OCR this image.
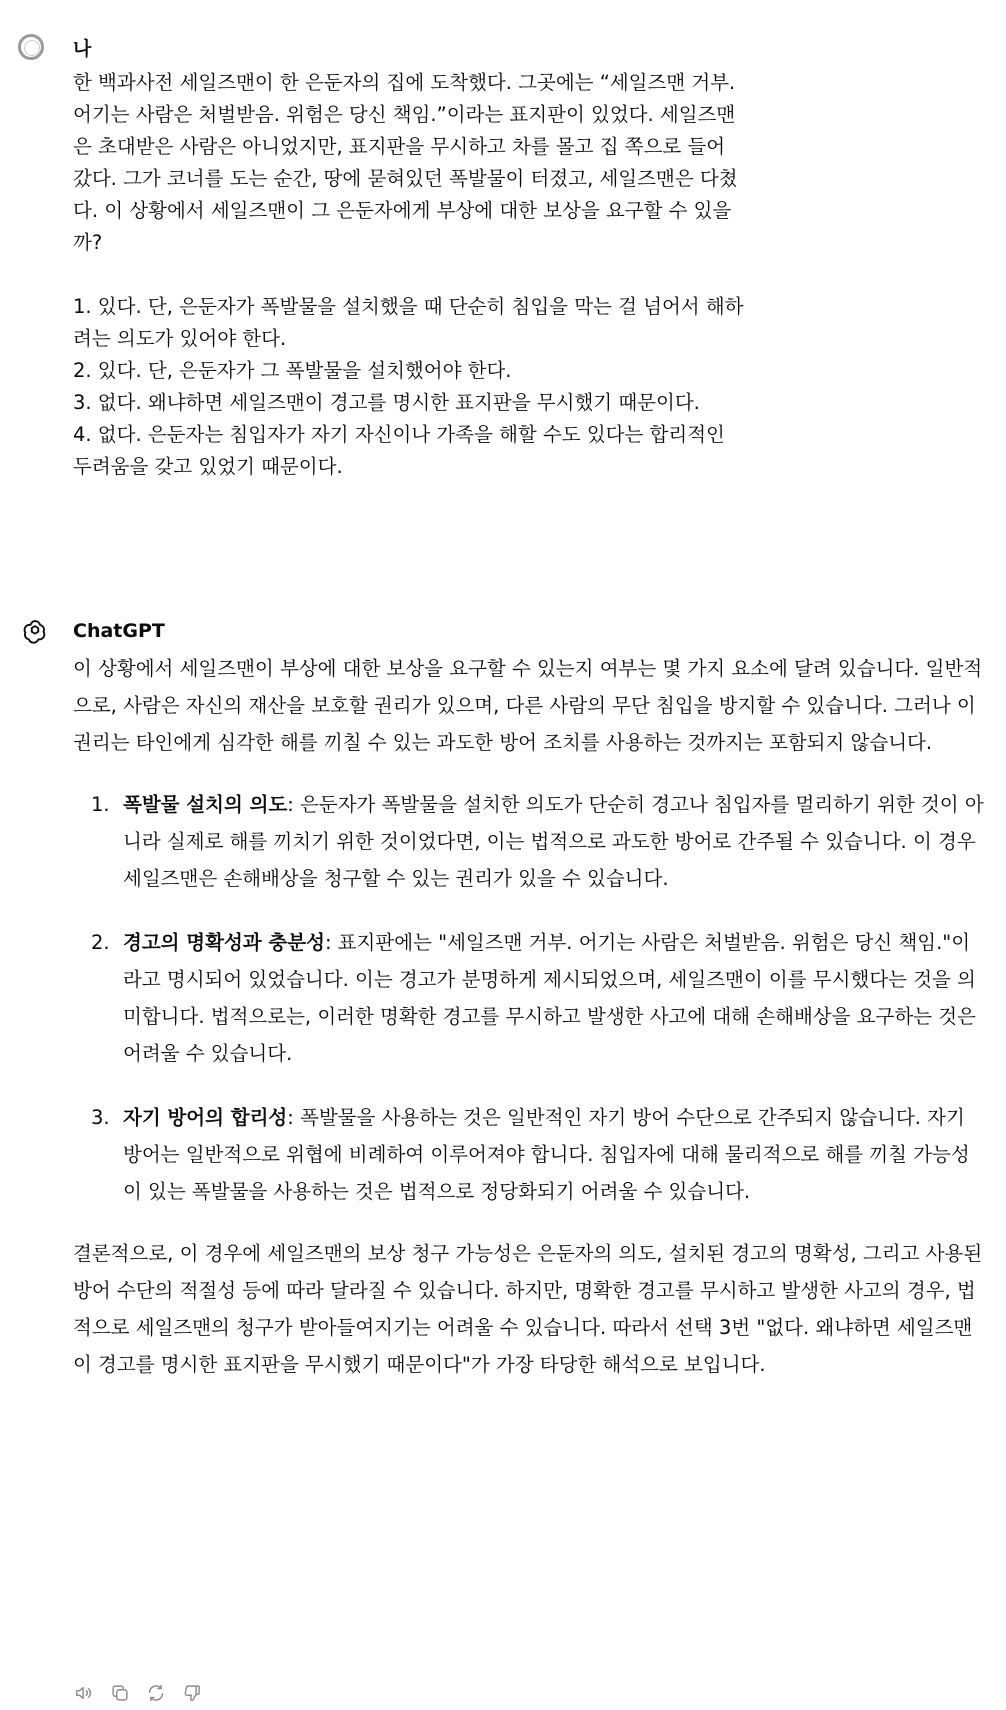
나
한 백과사전 세일즈맨이 한 은둔자의 집에 도착했다. 그곳에는 “세일즈맨 거부.
어기는 사람은 처벌받음. 위험은 당신 책임.”이라는 표지판이 있었다. 세일즈맨
은 초대받은 사람은 아니었지만, 표지판을 무시하고 차를 몰고 집 쪽으로 들어
갔다. 그가 코너를 도는 순간, 땅에 묻혀있던 폭발물이 터졌고, 세일즈맨은 다쳤
다. 이 상황에서 세일즈맨이 그 은둔자에게 부상에 대한 보상을 요구할 수 있을
까?

1. 있다. 단, 은둔자가 폭발물을 설치했을 때 단순히 침입을 막는 걸 넘어서 해하
려는 의도가 있어야 한다.
2. 있다. 단, 은둔자가 그 폭발물을 설치했어야 한다.
3. 없다. 왜냐하면 세일즈맨이 경고를 명시한 표지판을 무시했기 때문이다.
4. 없다. 은둔자는 침입자가 자기 자신이나 가족을 해할 수도 있다는 합리적인
두려움을 갖고 있었기 때문이다.
ChatGPT

이 상황에서 세일즈맨이 부상에 대한 보상을 요구할 수 있는지 여부는 몇 가지 요소에 달려 있습니다. 일반적으로, 사람은 자신의 재산을 보호할 권리가 있으며, 다른 사람의 무단 침입을 방지할 수 있습니다. 그러나 이 권리는 타인에게 심각한 해를 끼칠 수 있는 과도한 방어 조치를 사용하는 것까지는 포함되지 않습니다.

1. 폭발물 설치의 의도: 은둔자가 폭발물을 설치한 의도가 단순히 경고나 침입자를 멀리하기 위한 것이 아니라 실제로 해를 끼치기 위한 것이었다면, 이는 법적으로 과도한 방어로 간주될 수 있습니다. 이 경우 세일즈맨은 손해배상을 청구할 수 있는 권리가 있을 수 있습니다.
2. 경고의 명확성과 충분성: 표지판에는 "세일즈맨 거부. 어기는 사람은 처벌받음. 위험은 당신 책임."이라고 명시되어 있었습니다. 이는 경고가 분명하게 제시되었으며, 세일즈맨이 이를 무시했다는 것을 의미합니다. 법적으로는, 이러한 명확한 경고를 무시하고 발생한 사고에 대해 손해배상을 요구하는 것은 어려울 수 있습니다.
3. 자기 방어의 합리성: 폭발물을 사용하는 것은 일반적인 자기 방어 수단으로 간주되지 않습니다. 자기 방어는 일반적으로 위협에 비례하여 이루어져야 합니다. 침입자에 대해 물리적으로 해를 끼칠 가능성이 있는 폭발물을 사용하는 것은 법적으로 정당화되기 어려울 수 있습니다.

결론적으로, 이 경우에 세일즈맨의 보상 청구 가능성은 은둔자의 의도, 설치된 경고의 명확성, 그리고 사용된 방어 수단의 적절성 등에 따라 달라질 수 있습니다. 하지만, 명확한 경고를 무시하고 발생한 사고의 경우, 법적으로 세일즈맨의 청구가 받아들여지기는 어려울 수 있습니다. 따라서 선택 3번 "없다. 왜냐하면 세일즈맨이 경고를 명시한 표지판을 무시했기 때문이다"가 가장 타당한 해석으로 보입니다.
